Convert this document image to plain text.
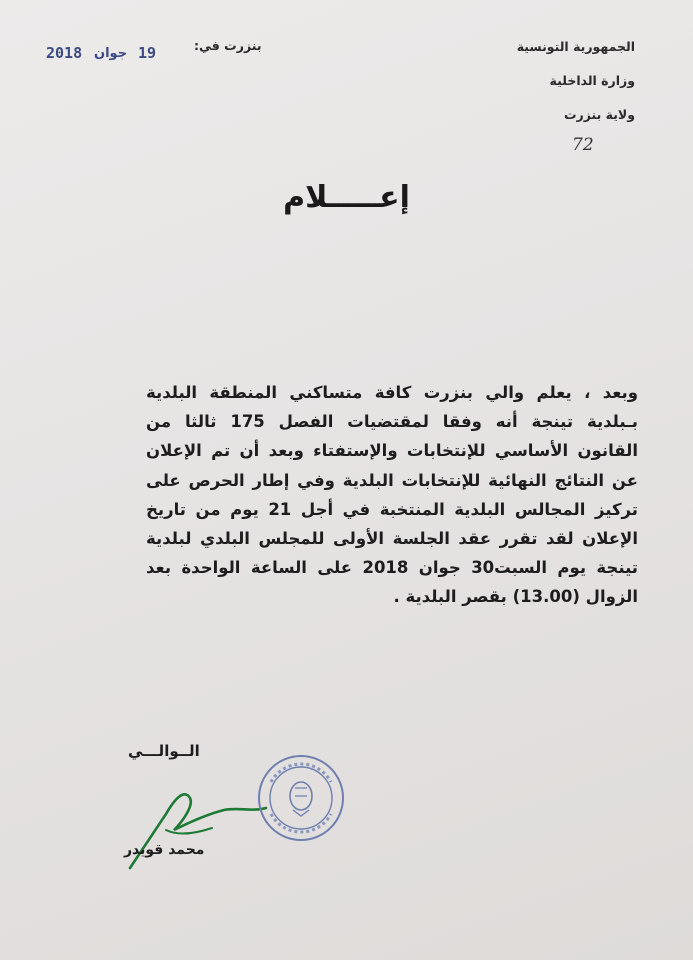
الجمهورية التونسية
وزارة الداخلية
ولاية بنزرت
72
بنزرت في:
2018 جوان 19
إعـــــلام

وبعد ، يعلم والي بنزرت كافة متساكني المنطقة البلدية بـبلدية تينجة أنه وفقا لمقتضيات الفصل 175 ثالثا من القانون الأساسي للإنتخابات والإستفتاء وبعد أن تم الإعلان عن النتائج النهائية للإنتخابات البلدية وفي إطار الحرص على تركيز المجالس البلدية المنتخبة في أجل 21 يوم من تاريخ الإعلان لقد تقرر عقد الجلسة الأولى للمجلس البلدي لبلدية تينجة يوم السبت30 جوان 2018 على الساعة الواحدة بعد الزوال (13.00) بقصر البلدية .

الــوالـــي
محمد قويدر
